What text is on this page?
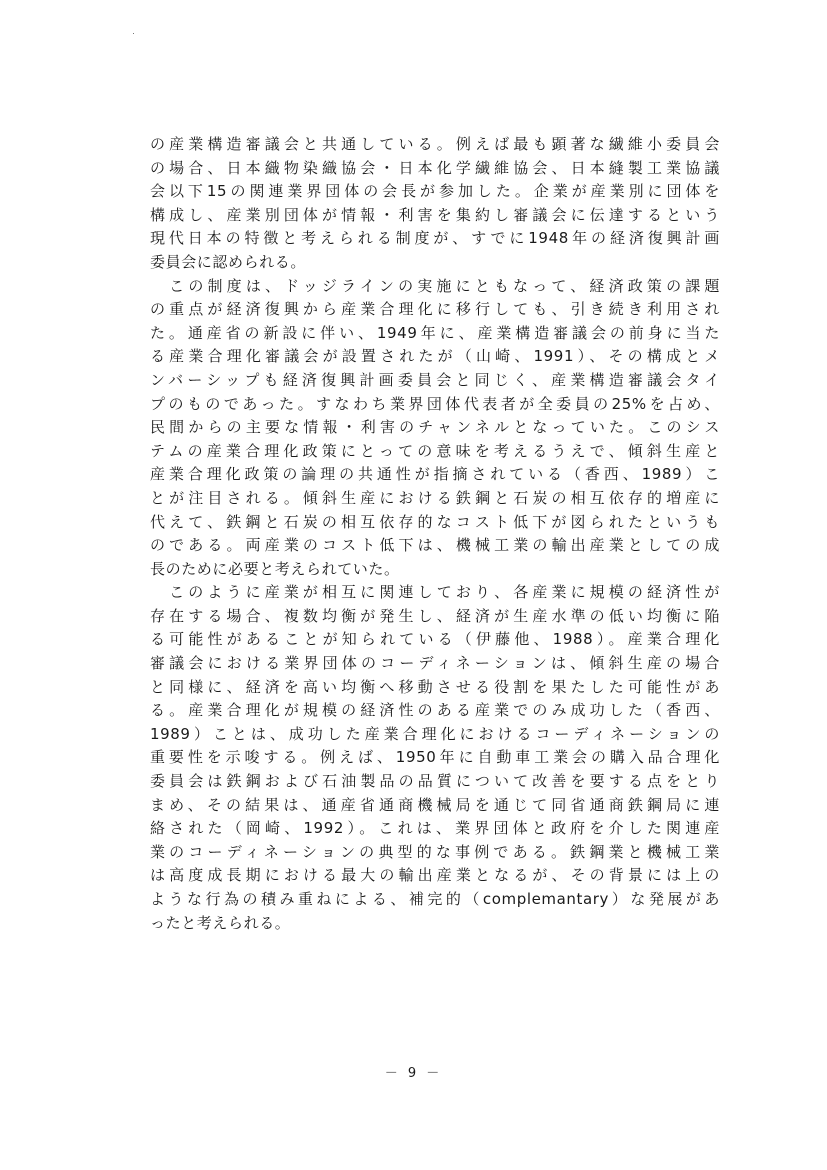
の産業構造審議会と共通している。例えば最も顕著な繊維小委員会
の場合、日本織物染織協会・日本化学繊維協会、日本縫製工業協議
会以下15の関連業界団体の会長が参加した。企業が産業別に団体を
構成し、産業別団体が情報・利害を集約し審議会に伝達するという
現代日本の特徴と考えられる制度が、すでに1948年の経済復興計画
委員会に認められる。
　この制度は、ドッジラインの実施にともなって、経済政策の課題
の重点が経済復興から産業合理化に移行しても、引き続き利用され
た。通産省の新設に伴い、1949年に、産業構造審議会の前身に当た
る産業合理化審議会が設置されたが（山崎、1991）、その構成とメ
ンバーシップも経済復興計画委員会と同じく、産業構造審議会タイ
プのものであった。すなわち業界団体代表者が全委員の25%を占め、
民間からの主要な情報・利害のチャンネルとなっていた。このシス
テムの産業合理化政策にとっての意味を考えるうえで、傾斜生産と
産業合理化政策の論理の共通性が指摘されている（香西、1989）こ
とが注目される。傾斜生産における鉄鋼と石炭の相互依存的増産に
代えて、鉄鋼と石炭の相互依存的なコスト低下が図られたというも
のである。両産業のコスト低下は、機械工業の輸出産業としての成
長のために必要と考えられていた。
　このように産業が相互に関連しており、各産業に規模の経済性が
存在する場合、複数均衡が発生し、経済が生産水準の低い均衡に陥
る可能性があることが知られている（伊藤他、1988）。産業合理化
審議会における業界団体のコーディネーションは、傾斜生産の場合
と同様に、経済を高い均衡へ移動させる役割を果たした可能性があ
る。産業合理化が規模の経済性のある産業でのみ成功した（香西、
1989）ことは、成功した産業合理化におけるコーディネーションの
重要性を示唆する。例えば、1950年に自動車工業会の購入品合理化
委員会は鉄鋼および石油製品の品質について改善を要する点をとり
まめ、その結果は、通産省通商機械局を通じて同省通商鉄鋼局に連
絡された（岡崎、1992）。これは、業界団体と政府を介した関連産
業のコーディネーションの典型的な事例である。鉄鋼業と機械工業
は高度成長期における最大の輸出産業となるが、その背景には上の
ような行為の積み重ねによる、補完的（complemantary）な発展があ
ったと考えられる。
－ 9 －
